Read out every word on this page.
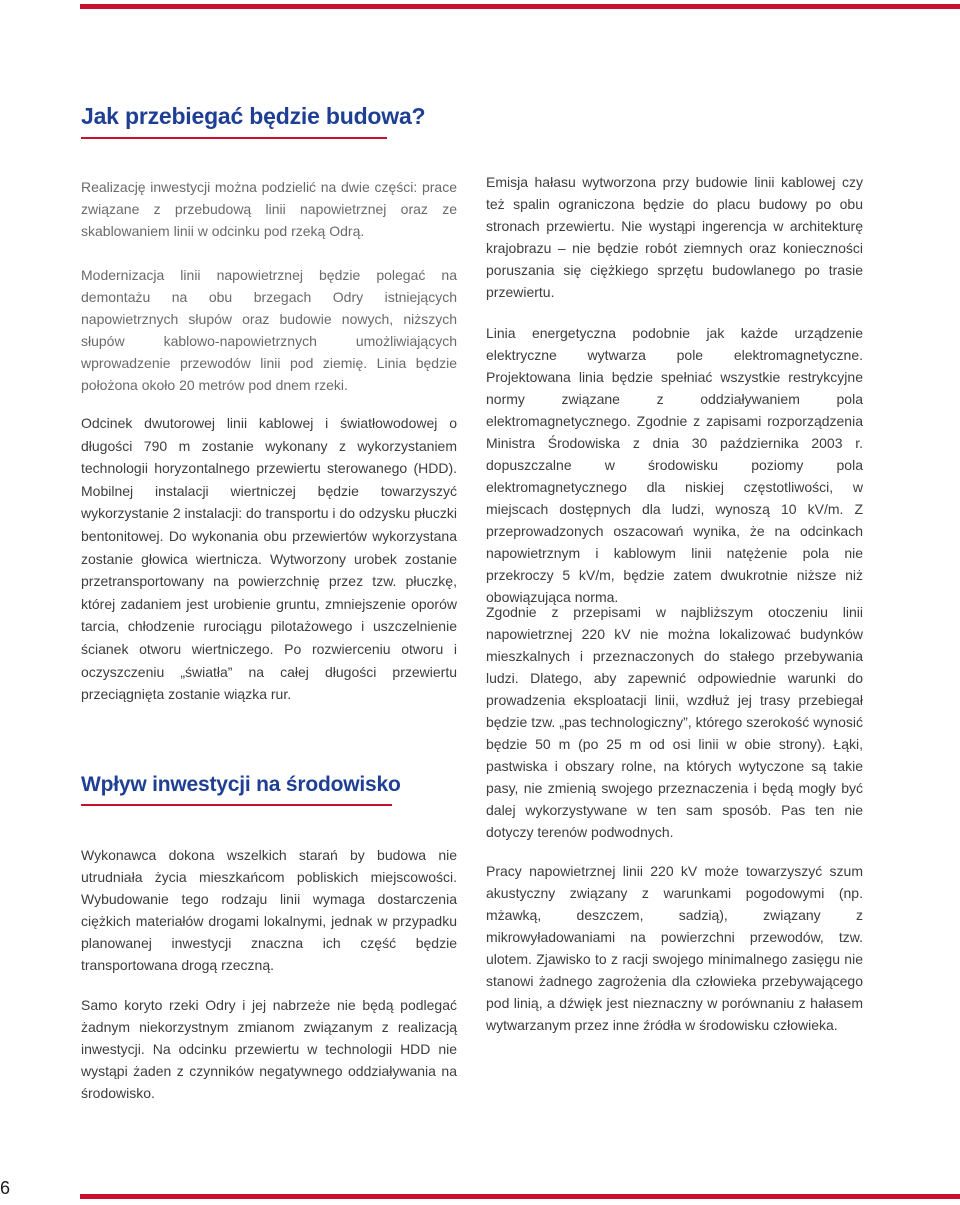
Jak przebiegać będzie budowa?

Realizację inwestycji można podzielić na dwie części: prace związane z przebudową linii napowietrznej oraz ze skablowaniem linii w odcinku pod rzeką Odrą.

Modernizacja linii napowietrznej będzie polegać na demontażu na obu brzegach Odry istniejących napowietrznych słupów oraz budowie nowych, niższych słupów kablowo-napowietrznych umożliwiających wprowadzenie przewodów linii pod ziemię. Linia będzie położona około 20 metrów pod dnem rzeki.

Odcinek dwutorowej linii kablowej i światłowodowej o długości 790 m zostanie wykonany z wykorzystaniem technologii horyzontalnego przewiertu sterowanego (HDD). Mobilnej instalacji wiertniczej będzie towarzyszyć wykorzystanie 2 instalacji: do transportu i do odzysku płuczki bentonitowej. Do wykonania obu przewiertów wykorzystana zostanie głowica wiertnicza. Wytworzony urobek zostanie przetransportowany na powierzchnię przez tzw. płuczkę, której zadaniem jest urobienie gruntu, zmniejszenie oporów tarcia, chłodzenie rurociągu pilotażowego i uszczelnienie ścianek otworu wiertniczego. Po rozwierceniu otworu i oczyszczeniu „światła” na całej długości przewiertu przeciągnięta zostanie wiązka rur.

Wpływ inwestycji na środowisko

Wykonawca dokona wszelkich starań by budowa nie utrudniała życia mieszkańcom pobliskich miejscowości. Wybudowanie tego rodzaju linii wymaga dostarczenia ciężkich materiałów drogami lokalnymi, jednak w przypadku planowanej inwestycji znaczna ich część będzie transportowana drogą rzeczną.

Samo koryto rzeki Odry i jej nabrzeże nie będą podlegać żadnym niekorzystnym zmianom związanym z realizacją inwestycji. Na odcinku przewiertu w technologii HDD nie wystąpi żaden z czynników negatywnego oddziaływania na środowisko.

Emisja hałasu wytworzona przy budowie linii kablowej czy też spalin ograniczona będzie do placu budowy po obu stronach przewiertu. Nie wystąpi ingerencja w architekturę krajobrazu – nie będzie robót ziemnych oraz konieczności poruszania się ciężkiego sprzętu budowlanego po trasie przewiertu.

Linia energetyczna podobnie jak każde urządzenie elektryczne wytwarza pole elektromagnetyczne. Projektowana linia będzie spełniać wszystkie restrykcyjne normy związane z oddziaływaniem pola elektromagnetycznego. Zgodnie z zapisami rozporządzenia Ministra Środowiska z dnia 30 października 2003 r. dopuszczalne w środowisku poziomy pola elektromagnetycznego dla niskiej częstotliwości, w miejscach dostępnych dla ludzi, wynoszą 10 kV/m. Z przeprowadzonych oszacowań wynika, że na odcinkach napowietrznym i kablowym linii natężenie pola nie przekroczy 5 kV/m, będzie zatem dwukrotnie niższe niż obowiązująca norma.

Zgodnie z przepisami w najbliższym otoczeniu linii napowietrznej 220 kV nie można lokalizować budynków mieszkalnych i przeznaczonych do stałego przebywania ludzi. Dlatego, aby zapewnić odpowiednie warunki do prowadzenia eksploatacji linii, wzdłuż jej trasy przebiegał będzie tzw. „pas technologiczny”, którego szerokość wynosić będzie 50 m (po 25 m od osi linii w obie strony). Łąki, pastwiska i obszary rolne, na których wytyczone są takie pasy, nie zmienią swojego przeznaczenia i będą mogły być dalej wykorzystywane w ten sam sposób. Pas ten nie dotyczy terenów podwodnych.

Pracy napowietrznej linii 220 kV może towarzyszyć szum akustyczny związany z warunkami pogodowymi (np. mżawką, deszczem, sadzią), związany z mikrowyładowaniami na powierzchni przewodów, tzw. ulotem. Zjawisko to z racji swojego minimalnego zasięgu nie stanowi żadnego zagrożenia dla człowieka przebywającego pod linią, a dźwięk jest nieznaczny w porównaniu z hałasem wytwarzanym przez inne źródła w środowisku człowieka.

6
